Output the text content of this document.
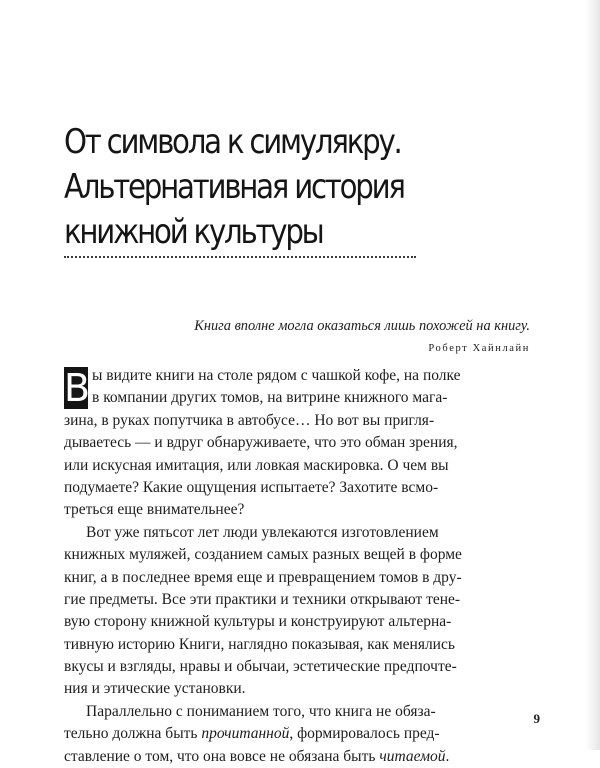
От символа к симулякру.
Альтернативная история
книжной культуры
Книга вполне могла оказаться лишь похожей на книгу.
Роберт Хайнлайн
В ы видите книги на столе рядом с чашкой кофе, на полке
в компании других томов, на витрине книжного мага-
зина, в руках попутчика в автобусе… Но вот вы пригля-
дываетесь — и вдруг обнаруживаете, что это обман зрения,
или искусная имитация, или ловкая маскировка. О чем вы
подумаете? Какие ощущения испытаете? Захотите всмо-
треться еще внимательнее?
Вот уже пятьсот лет люди увлекаются изготовлением
книжных муляжей, созданием самых разных вещей в форме
книг, а в последнее время еще и превращением томов в дру-
гие предметы. Все эти практики и техники открывают тене-
вую сторону книжной культуры и конструируют альтерна-
тивную историю Книги, наглядно показывая, как менялись
вкусы и взгляды, нравы и обычаи, эстетические предпочте-
ния и этические установки.
Параллельно с пониманием того, что книга не обяза-
тельно должна быть прочитанной, формировалось пред-
ставление о том, что она вовсе не обязана быть читаемой.
9
